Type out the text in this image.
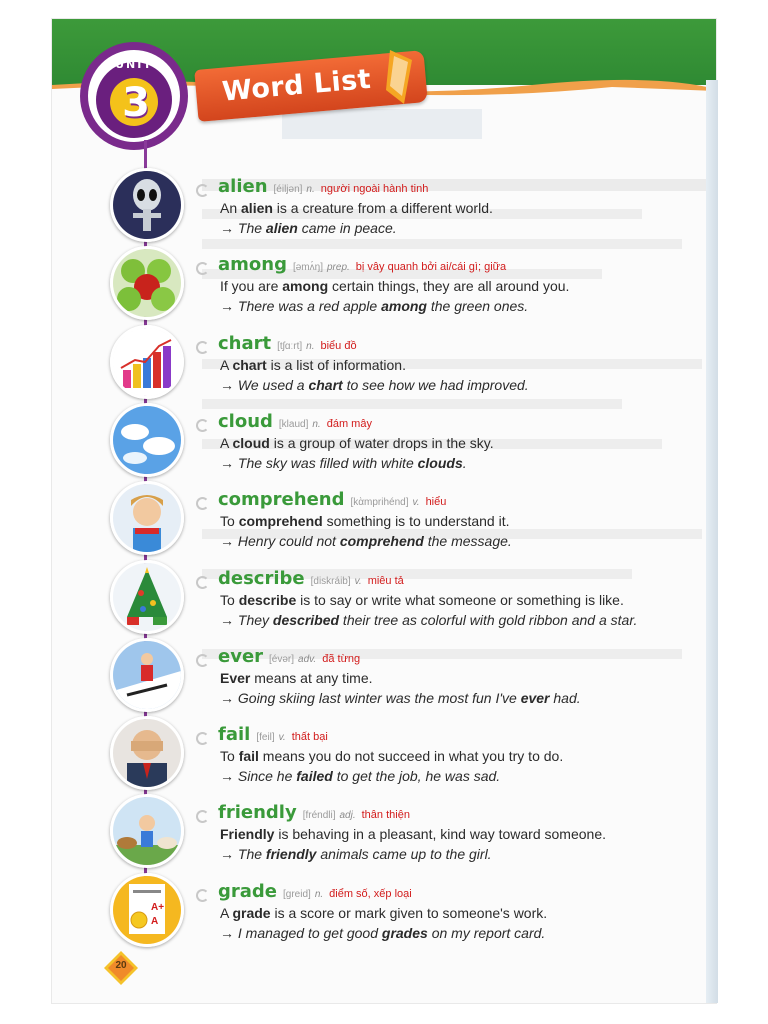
UNIT
3	Word List
alien [éiljən] n. người ngoài hành tinh
An alien is a creature from a different world.
→ The alien came in peace.
among [əmʌ́ŋ] prep. bị vây quanh bởi ai/cái gì; giữa
If you are among certain things, they are all around you.
→ There was a red apple among the green ones.
chart [tʃɑːrt] n. biểu đồ
A chart is a list of information.
→ We used a chart to see how we had improved.
cloud [klaud] n. đám mây
A cloud is a group of water drops in the sky.
→ The sky was filled with white clouds.
comprehend [kὰmprihénd] v. hiểu
To comprehend something is to understand it.
→ Henry could not comprehend the message.
describe [diskráib] v. miêu tả
To describe is to say or write what someone or something is like.
→ They described their tree as colorful with gold ribbon and a star.
ever [évər] adv. đã từng
Ever means at any time.
→ Going skiing last winter was the most fun I've ever had.
fail [feil] v. thất bại
To fail means you do not succeed in what you try to do.
→ Since he failed to get the job, he was sad.
friendly [fréndli] adj. thân thiện
Friendly is behaving in a pleasant, kind way toward someone.
→ The friendly animals came up to the girl.
A+
A
grade [greid] n. điểm số, xếp loại
A grade is a score or mark given to someone's work.
→ I managed to get good grades on my report card.
20
